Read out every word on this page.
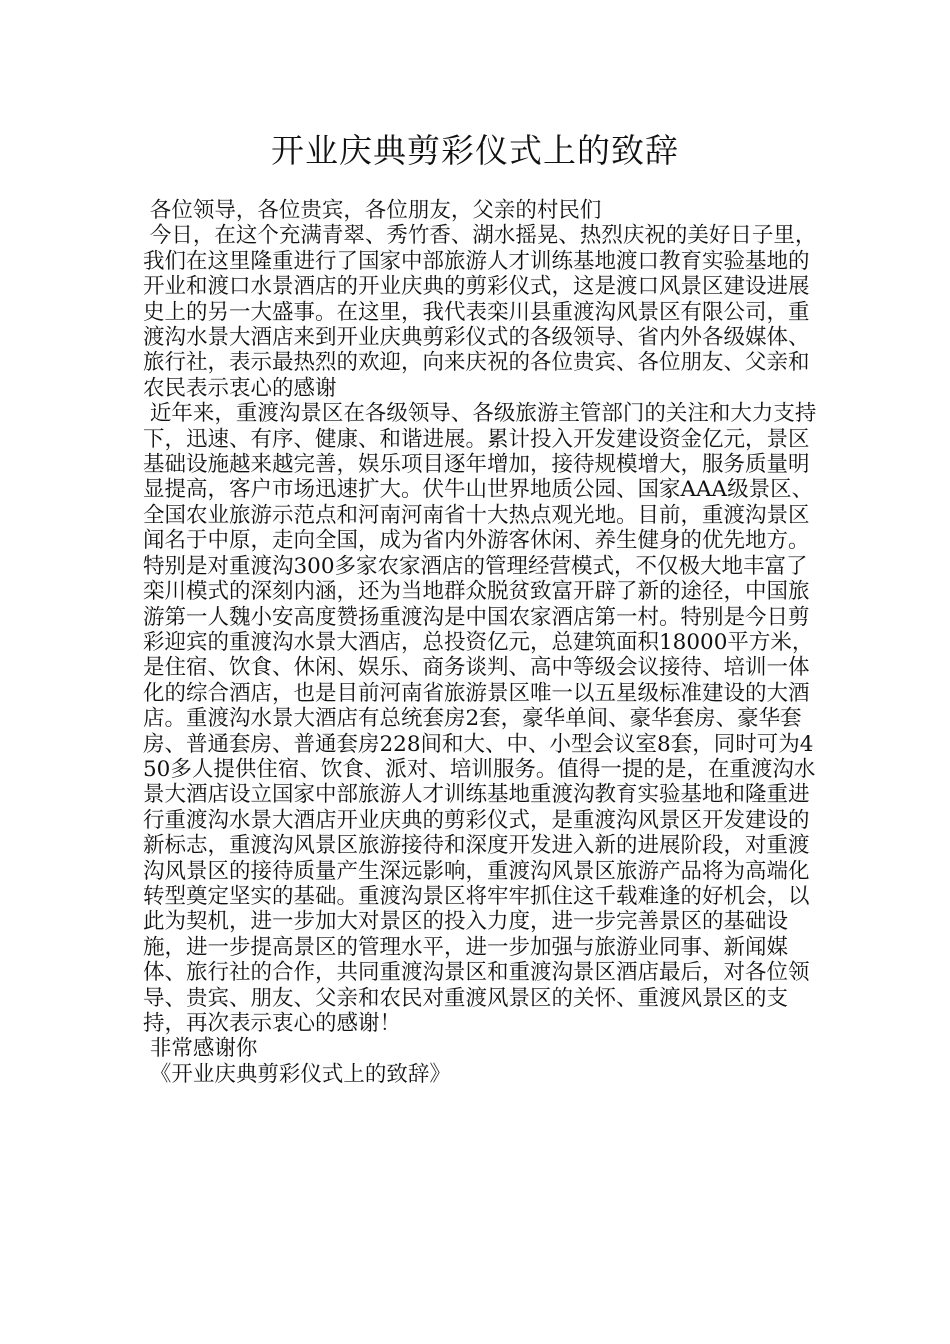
开业庆典剪彩仪式上的致辞

各位领导，各位贵宾，各位朋友，父亲的村民们

今日，在这个充满青翠、秀竹香、湖水摇晃、热烈庆祝的美好日子里，我们在这里隆重进行了国家中部旅游人才训练基地渡口教育实验基地的开业和渡口水景酒店的开业庆典的剪彩仪式，这是渡口风景区建设进展史上的另一大盛事。在这里，我代表栾川县重渡沟风景区有限公司，重渡沟水景大酒店来到开业庆典剪彩仪式的各级领导、省内外各级媒体、旅行社，表示最热烈的欢迎，向来庆祝的各位贵宾、各位朋友、父亲和农民表示衷心的感谢

近年来，重渡沟景区在各级领导、各级旅游主管部门的关注和大力支持下，迅速、有序、健康、和谐进展。累计投入开发建设资金亿元，景区基础设施越来越完善，娱乐项目逐年增加，接待规模增大，服务质量明显提高，客户市场迅速扩大。伏牛山世界地质公园、国家AAA级景区、全国农业旅游示范点和河南河南省十大热点观光地。目前，重渡沟景区闻名于中原，走向全国，成为省内外游客休闲、养生健身的优先地方。特别是对重渡沟300多家农家酒店的管理经营模式，不仅极大地丰富了栾川模式的深刻内涵，还为当地群众脱贫致富开辟了新的途径，中国旅游第一人魏小安高度赞扬重渡沟是中国农家酒店第一村。特别是今日剪彩迎宾的重渡沟水景大酒店，总投资亿元，总建筑面积18000平方米，是住宿、饮食、休闲、娱乐、商务谈判、高中等级会议接待、培训一体化的综合酒店，也是目前河南省旅游景区唯一以五星级标准建设的大酒店。重渡沟水景大酒店有总统套房2套，豪华单间、豪华套房、豪华套房、普通套房、普通套房228间和大、中、小型会议室8套，同时可为450多人提供住宿、饮食、派对、培训服务。值得一提的是，在重渡沟水景大酒店设立国家中部旅游人才训练基地重渡沟教育实验基地和隆重进行重渡沟水景大酒店开业庆典的剪彩仪式，是重渡沟风景区开发建设的新标志，重渡沟风景区旅游接待和深度开发进入新的进展阶段，对重渡沟风景区的接待质量产生深远影响，重渡沟风景区旅游产品将为高端化转型奠定坚实的基础。重渡沟景区将牢牢抓住这千载难逢的好机会，以此为契机，进一步加大对景区的投入力度，进一步完善景区的基础设施，进一步提高景区的管理水平，进一步加强与旅游业同事、新闻媒体、旅行社的合作，共同重渡沟景区和重渡沟景区酒店最后，对各位领导、贵宾、朋友、父亲和农民对重渡风景区的关怀、重渡风景区的支持，再次表示衷心的感谢！

非常感谢你

《开业庆典剪彩仪式上的致辞》
